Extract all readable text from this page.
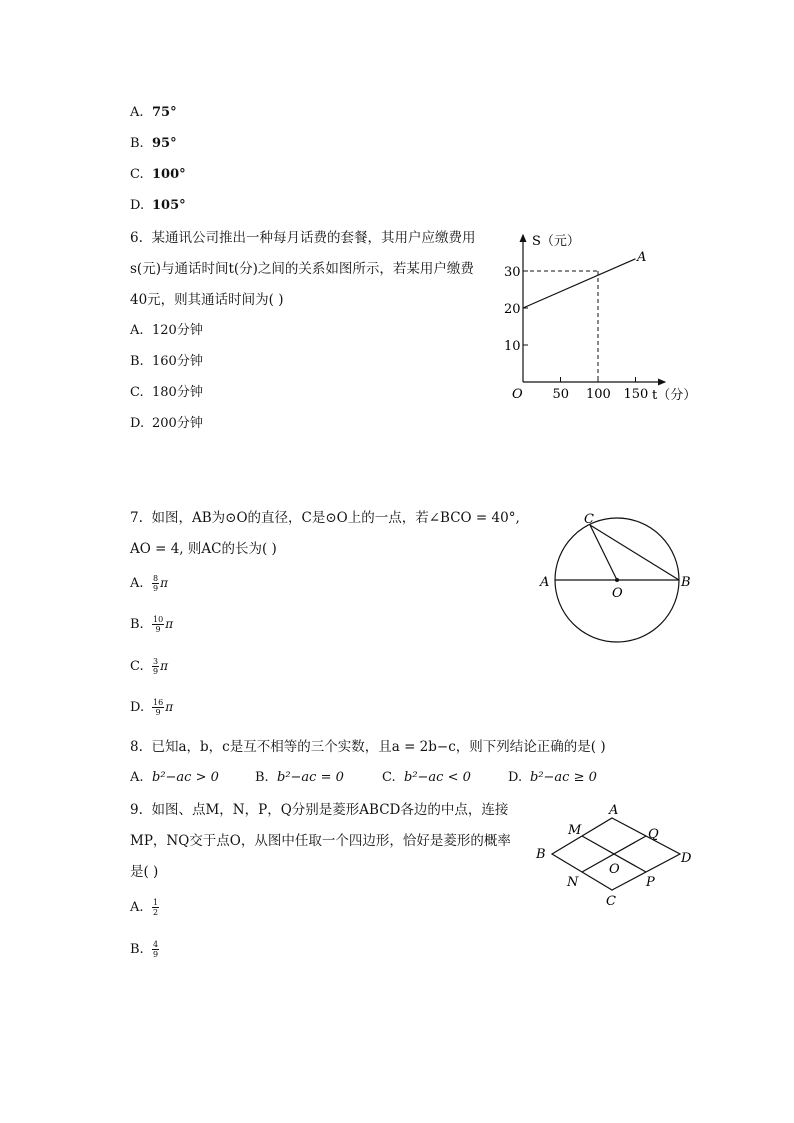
A. 75°
B. 95°
C. 100°
D. 105°
6. 某通讯公司推出一种每月话费的套餐，其用户应缴费用
s(元)与通话时间t(分)之间的关系如图所示，若某用户缴费
40元，则其通话时间为( )
A. 120分钟
B. 160分钟
C. 180分钟
D. 200分钟
10
20
30
50 100 150
S（元）
t（分）
O
A
7. 如图，AB为⊙O的直径，C是⊙O上的一点，若∠BCO = 40°,
AO = 4, 则AC的长为( )
A. $\frac{8}{9}$ π
B. $\frac{10}{9}$ π
C. $\frac{3}{9}$ π
D. $\frac{16}{9}$ π
C
A	B
O
8. 已知a，b，c是互不相等的三个实数，且a = 2b−c，则下列结论正确的是( )
A. b²−ac > 0	B. b²−ac = 0	C. b²−ac < 0	D. b²−ac ≥ 0
9. 如图、点M，N，P，Q分别是菱形ABCD各边的中点，连接
MP，NQ交于点O，从图中任取一个四边形，恰好是菱形的概率
是( )
A. $\frac{1}{2}$
B. $\frac{4}{9}$
A
M	Q
B	D
O
N	P
C
